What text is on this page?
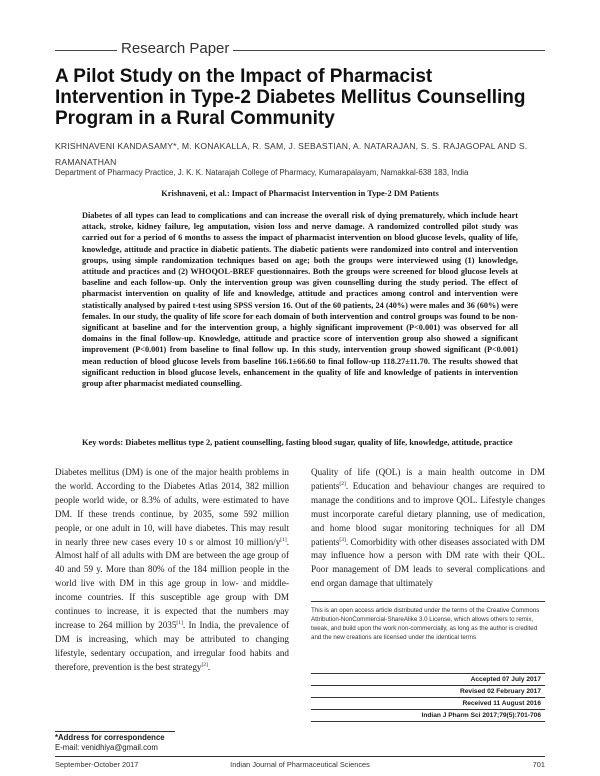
Research Paper
A Pilot Study on the Impact of Pharmacist Intervention in Type-2 Diabetes Mellitus Counselling Program in a Rural Community
KRISHNAVENI KANDASAMY*, M. KONAKALLA, R. SAM, J. SEBASTIAN, A. NATARAJAN, S. S. RAJAGOPAL AND S. RAMANATHAN
Department of Pharmacy Practice, J. K. K. Natarajah College of Pharmacy, Kumarapalayam, Namakkal-638 183, India
Krishnaveni, et al.: Impact of Pharmacist Intervention in Type-2 DM Patients
Diabetes of all types can lead to complications and can increase the overall risk of dying prematurely, which include heart attack, stroke, kidney failure, leg amputation, vision loss and nerve damage. A randomized controlled pilot study was carried out for a period of 6 months to assess the impact of pharmacist intervention on blood glucose levels, quality of life, knowledge, attitude and practice in diabetic patients. The diabetic patients were randomized into control and intervention groups, using simple randomization techniques based on age; both the groups were interviewed using (1) knowledge, attitude and practices and (2) WHOQOL-BREF questionnaires. Both the groups were screened for blood glucose levels at baseline and each follow-up. Only the intervention group was given counselling during the study period. The effect of pharmacist intervention on quality of life and knowledge, attitude and practices among control and intervention were statistically analysed by paired t-test using SPSS version 16. Out of the 60 patients, 24 (40%) were males and 36 (60%) were females. In our study, the quality of life score for each domain of both intervention and control groups was found to be non-significant at baseline and for the intervention group, a highly significant improvement (P<0.001) was observed for all domains in the final follow-up. Knowledge, attitude and practice score of intervention group also showed a significant improvement (P<0.001) from baseline to final follow up. In this study, intervention group showed significant (P<0.001) mean reduction of blood glucose levels from baseline 166.1±66.60 to final follow-up 118.27±11.70. The results showed that significant reduction in blood glucose levels, enhancement in the quality of life and knowledge of patients in intervention group after pharmacist mediated counselling.
Key words: Diabetes mellitus type 2, patient counselling, fasting blood sugar, quality of life, knowledge, attitude, practice
Diabetes mellitus (DM) is one of the major health problems in the world. According to the Diabetes Atlas 2014, 382 million people world wide, or 8.3% of adults, were estimated to have DM. If these trends continue, by 2035, some 592 million people, or one adult in 10, will have diabetes. This may result in nearly three new cases every 10 s or almost 10 million/y[1]. Almost half of all adults with DM are between the age group of 40 and 59 y. More than 80% of the 184 million people in the world live with DM in this age group in low- and middle-income countries. If this susceptible age group with DM continues to increase, it is expected that the numbers may increase to 264 million by 2035[1]. In India, the prevalence of DM is increasing, which may be attributed to changing lifestyle, sedentary occupation, and irregular food habits and therefore, prevention is the best strategy[2].
Quality of life (QOL) is a main health outcome in DM patients[2]. Education and behaviour changes are required to manage the conditions and to improve QOL. Lifestyle changes must incorporate careful dietary planning, use of medication, and home blood sugar monitoring techniques for all DM patients[3]. Comorbidity with other diseases associated with DM may influence how a person with DM rate with their QOL. Poor management of DM leads to several complications and end organ damage that ultimately
This is an open access article distributed under the terms of the Creative Commons Attribution-NonCommercial-ShareAlike 3.0 License, which allows others to remix, tweak, and build upon the work non-commercially, as long as the author is credited and the new creations are licensed under the identical terms
Accepted 07 July 2017
Revised 02 February 2017
Received 11 August 2016
Indian J Pharm Sci 2017;79(5):701-706
*Address for correspondence
E-mail: venidhiya@gmail.com
September-October 2017	Indian Journal of Pharmaceutical Sciences	701
